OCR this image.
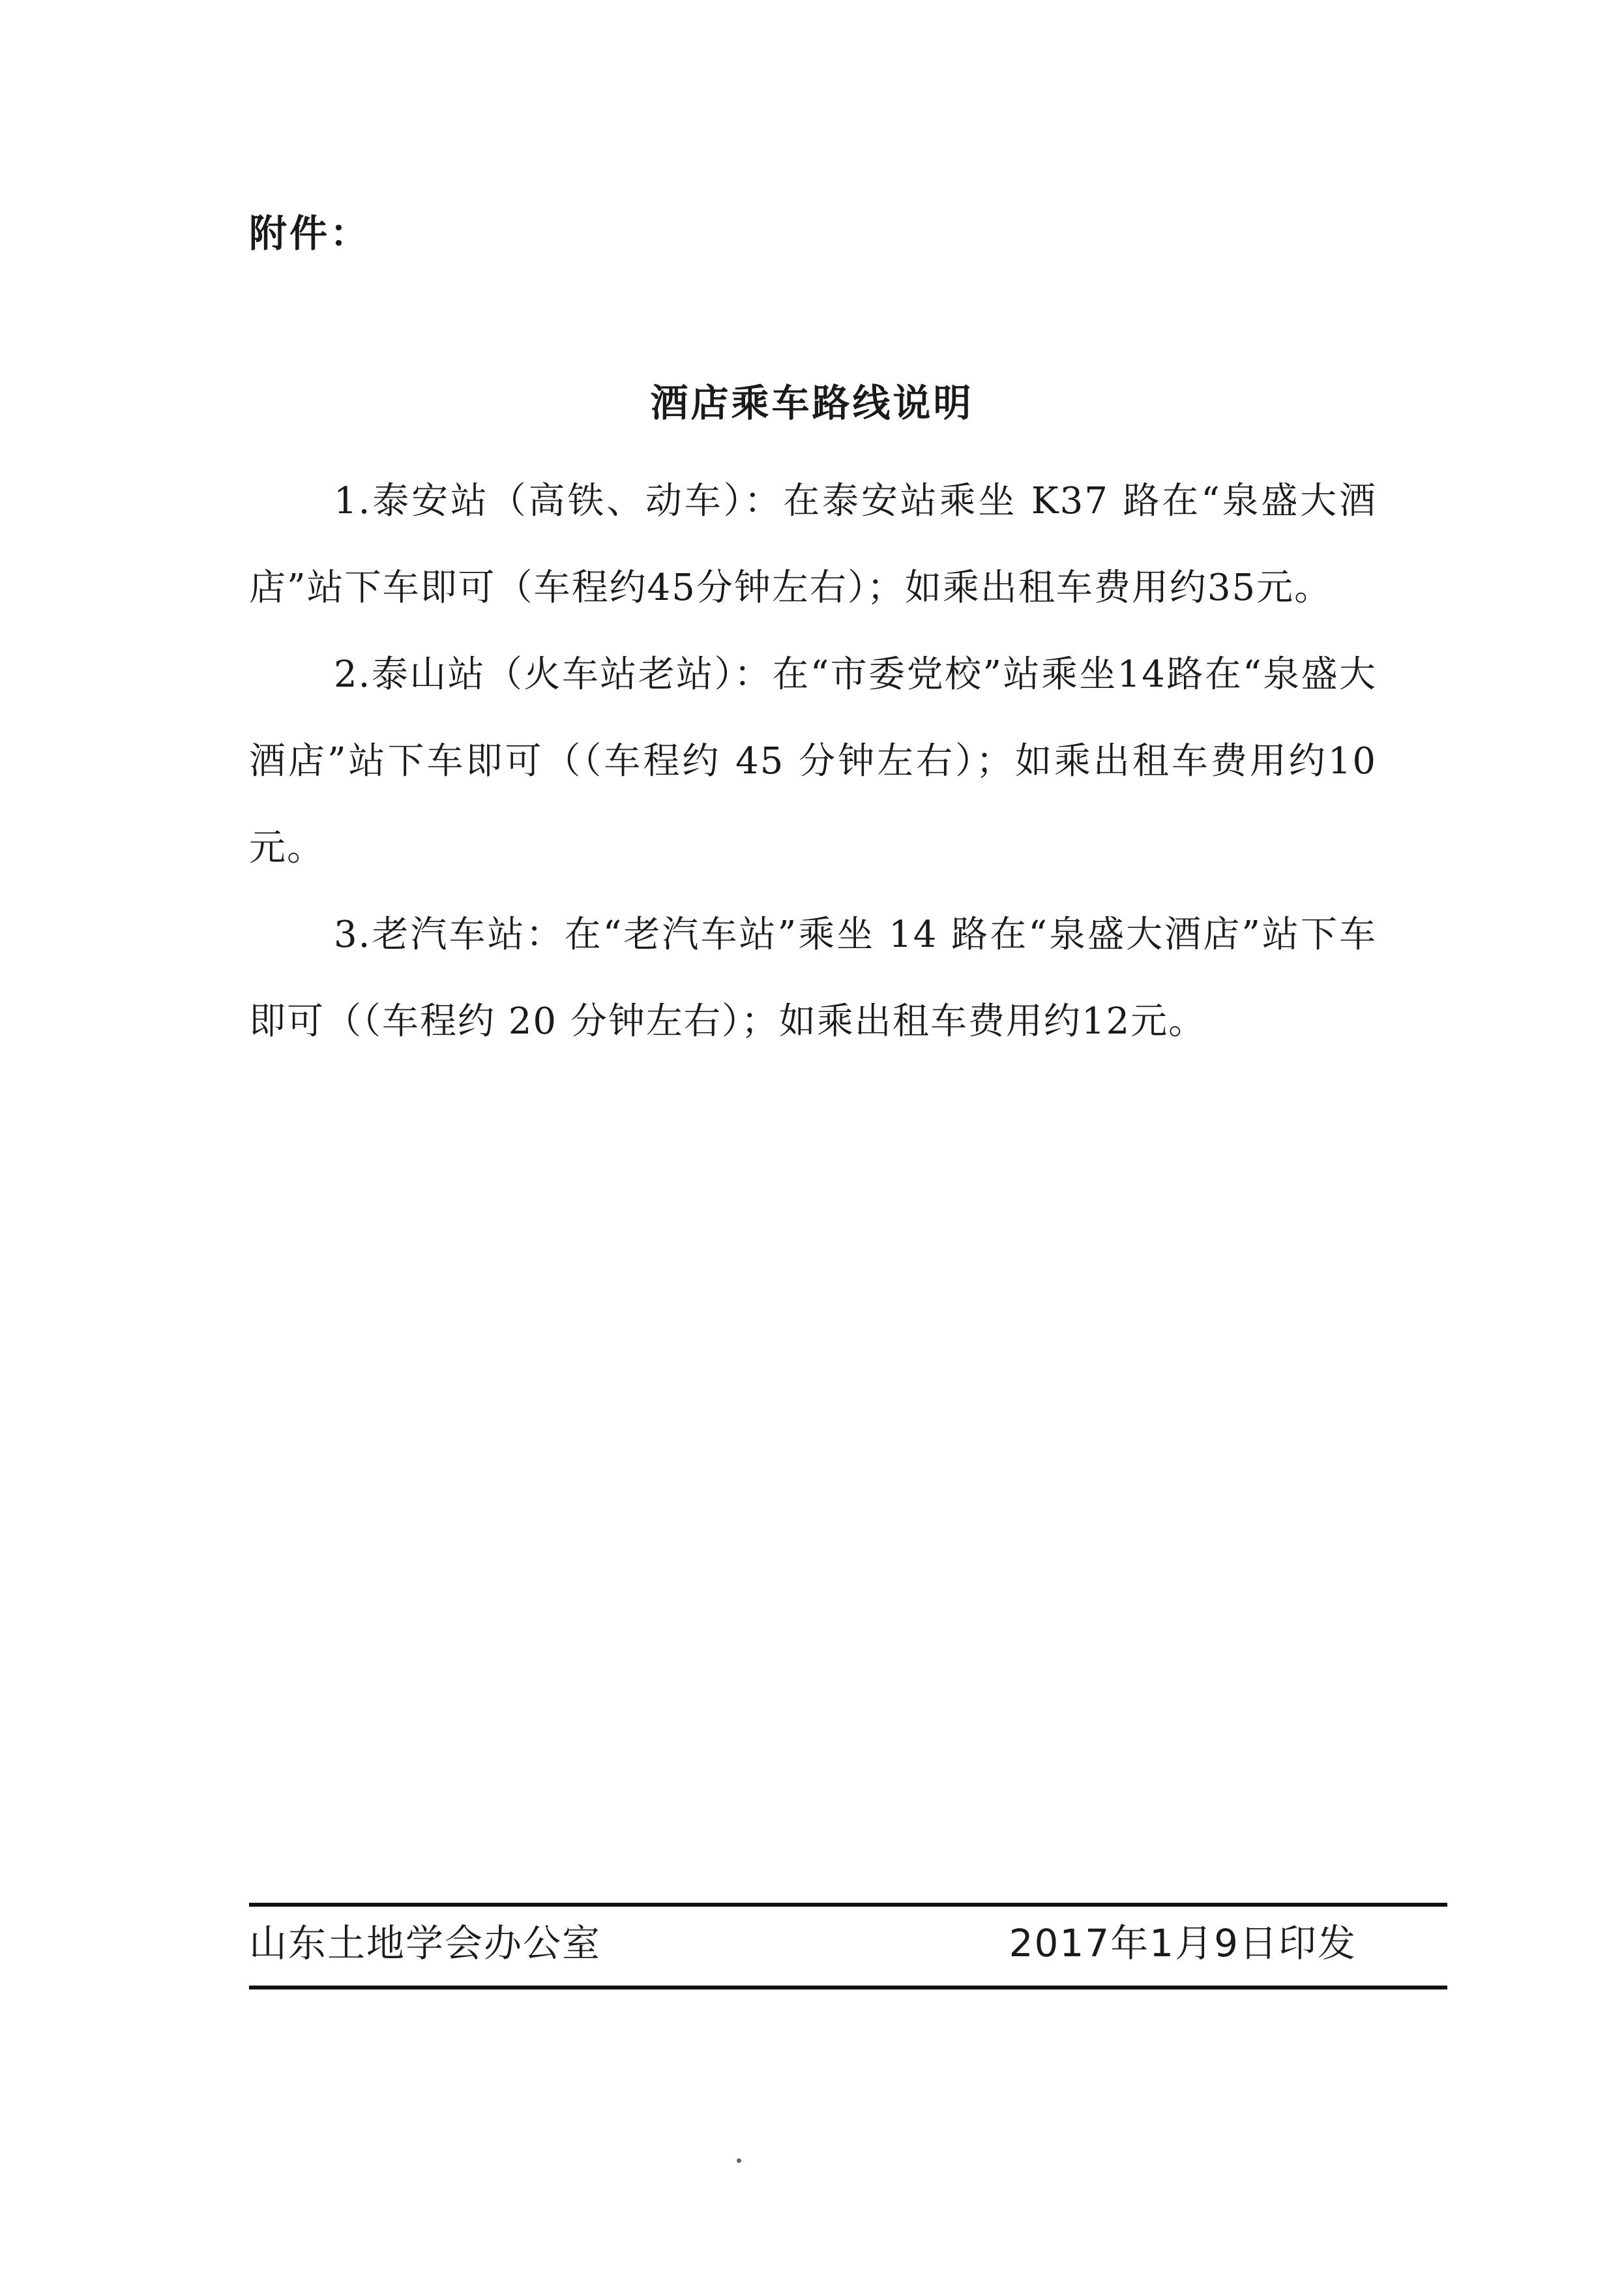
附件：
酒店乘车路线说明

1.泰安站（高铁、动车）：在泰安站乘坐 K37 路在“泉盛大酒店”站下车即可（车程约45分钟左右）；如乘出租车费用约35元。

2.泰山站（火车站老站）：在“市委党校”站乘坐14路在“泉盛大酒店”站下车即可（（车程约 45 分钟左右）；如乘出租车费用约10元。

3.老汽车站：在“老汽车站”乘坐 14 路在“泉盛大酒店”站下车即可（（车程约 20 分钟左右）；如乘出租车费用约12元。

山东土地学会办公室	2017年1月9日印发
